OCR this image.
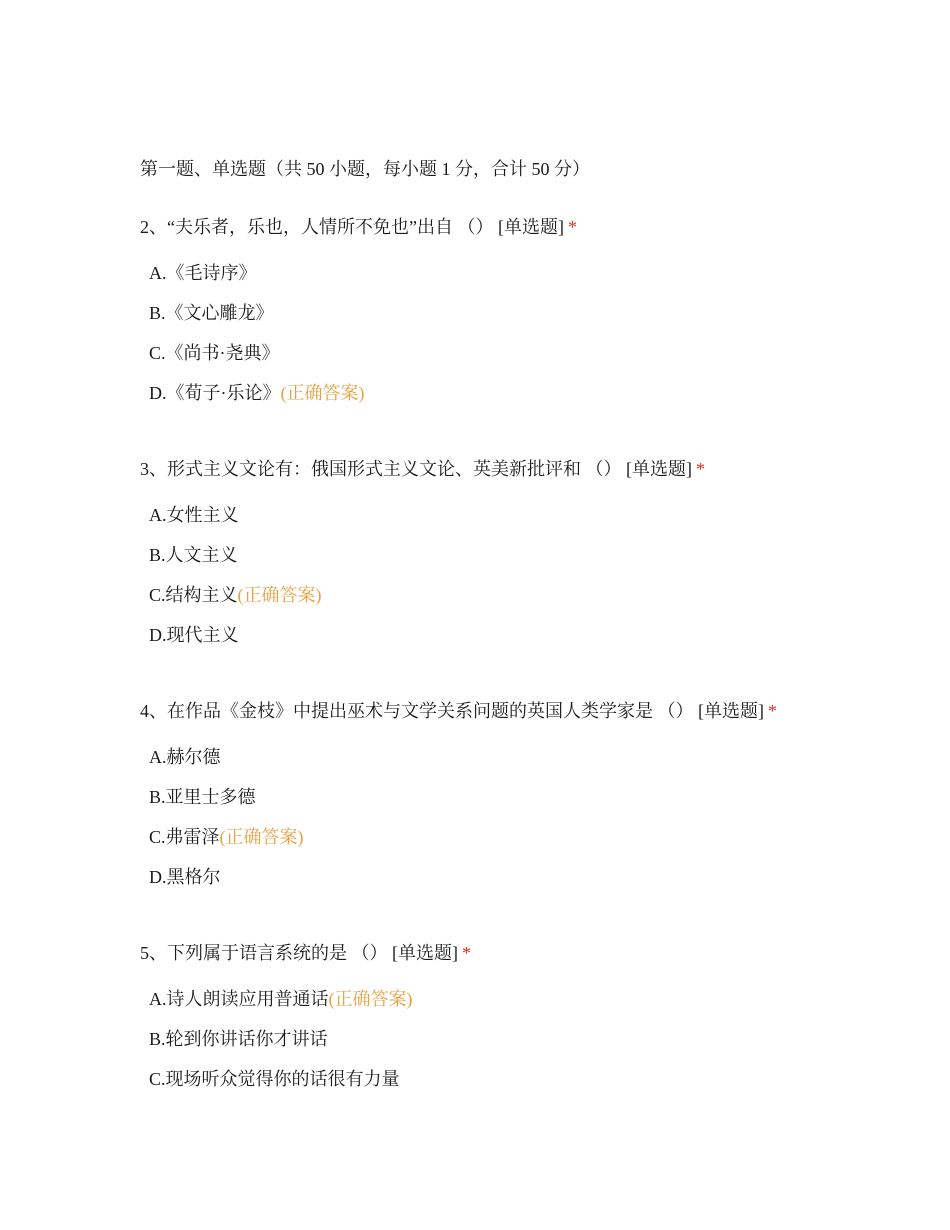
第一题、单选题（共 50 小题，每小题 1 分，合计 50 分）

2、“夫乐者，乐也，人情所不免也”出自 （） [单选题] *

A.《毛诗序》
B.《文心雕龙》
C.《尚书·尧典》
D.《荀子·乐论》(正确答案)

3、形式主义文论有：俄国形式主义文论、英美新批评和 （） [单选题] *

A.女性主义
B.人文主义
C.结构主义(正确答案)
D.现代主义

4、在作品《金枝》中提出巫术与文学关系问题的英国人类学家是 （） [单选题] *

A.赫尔德
B.亚里士多德
C.弗雷泽(正确答案)
D.黑格尔

5、下列属于语言系统的是 （） [单选题] *

A.诗人朗读应用普通话(正确答案)
B.轮到你讲话你才讲话
C.现场听众觉得你的话很有力量
